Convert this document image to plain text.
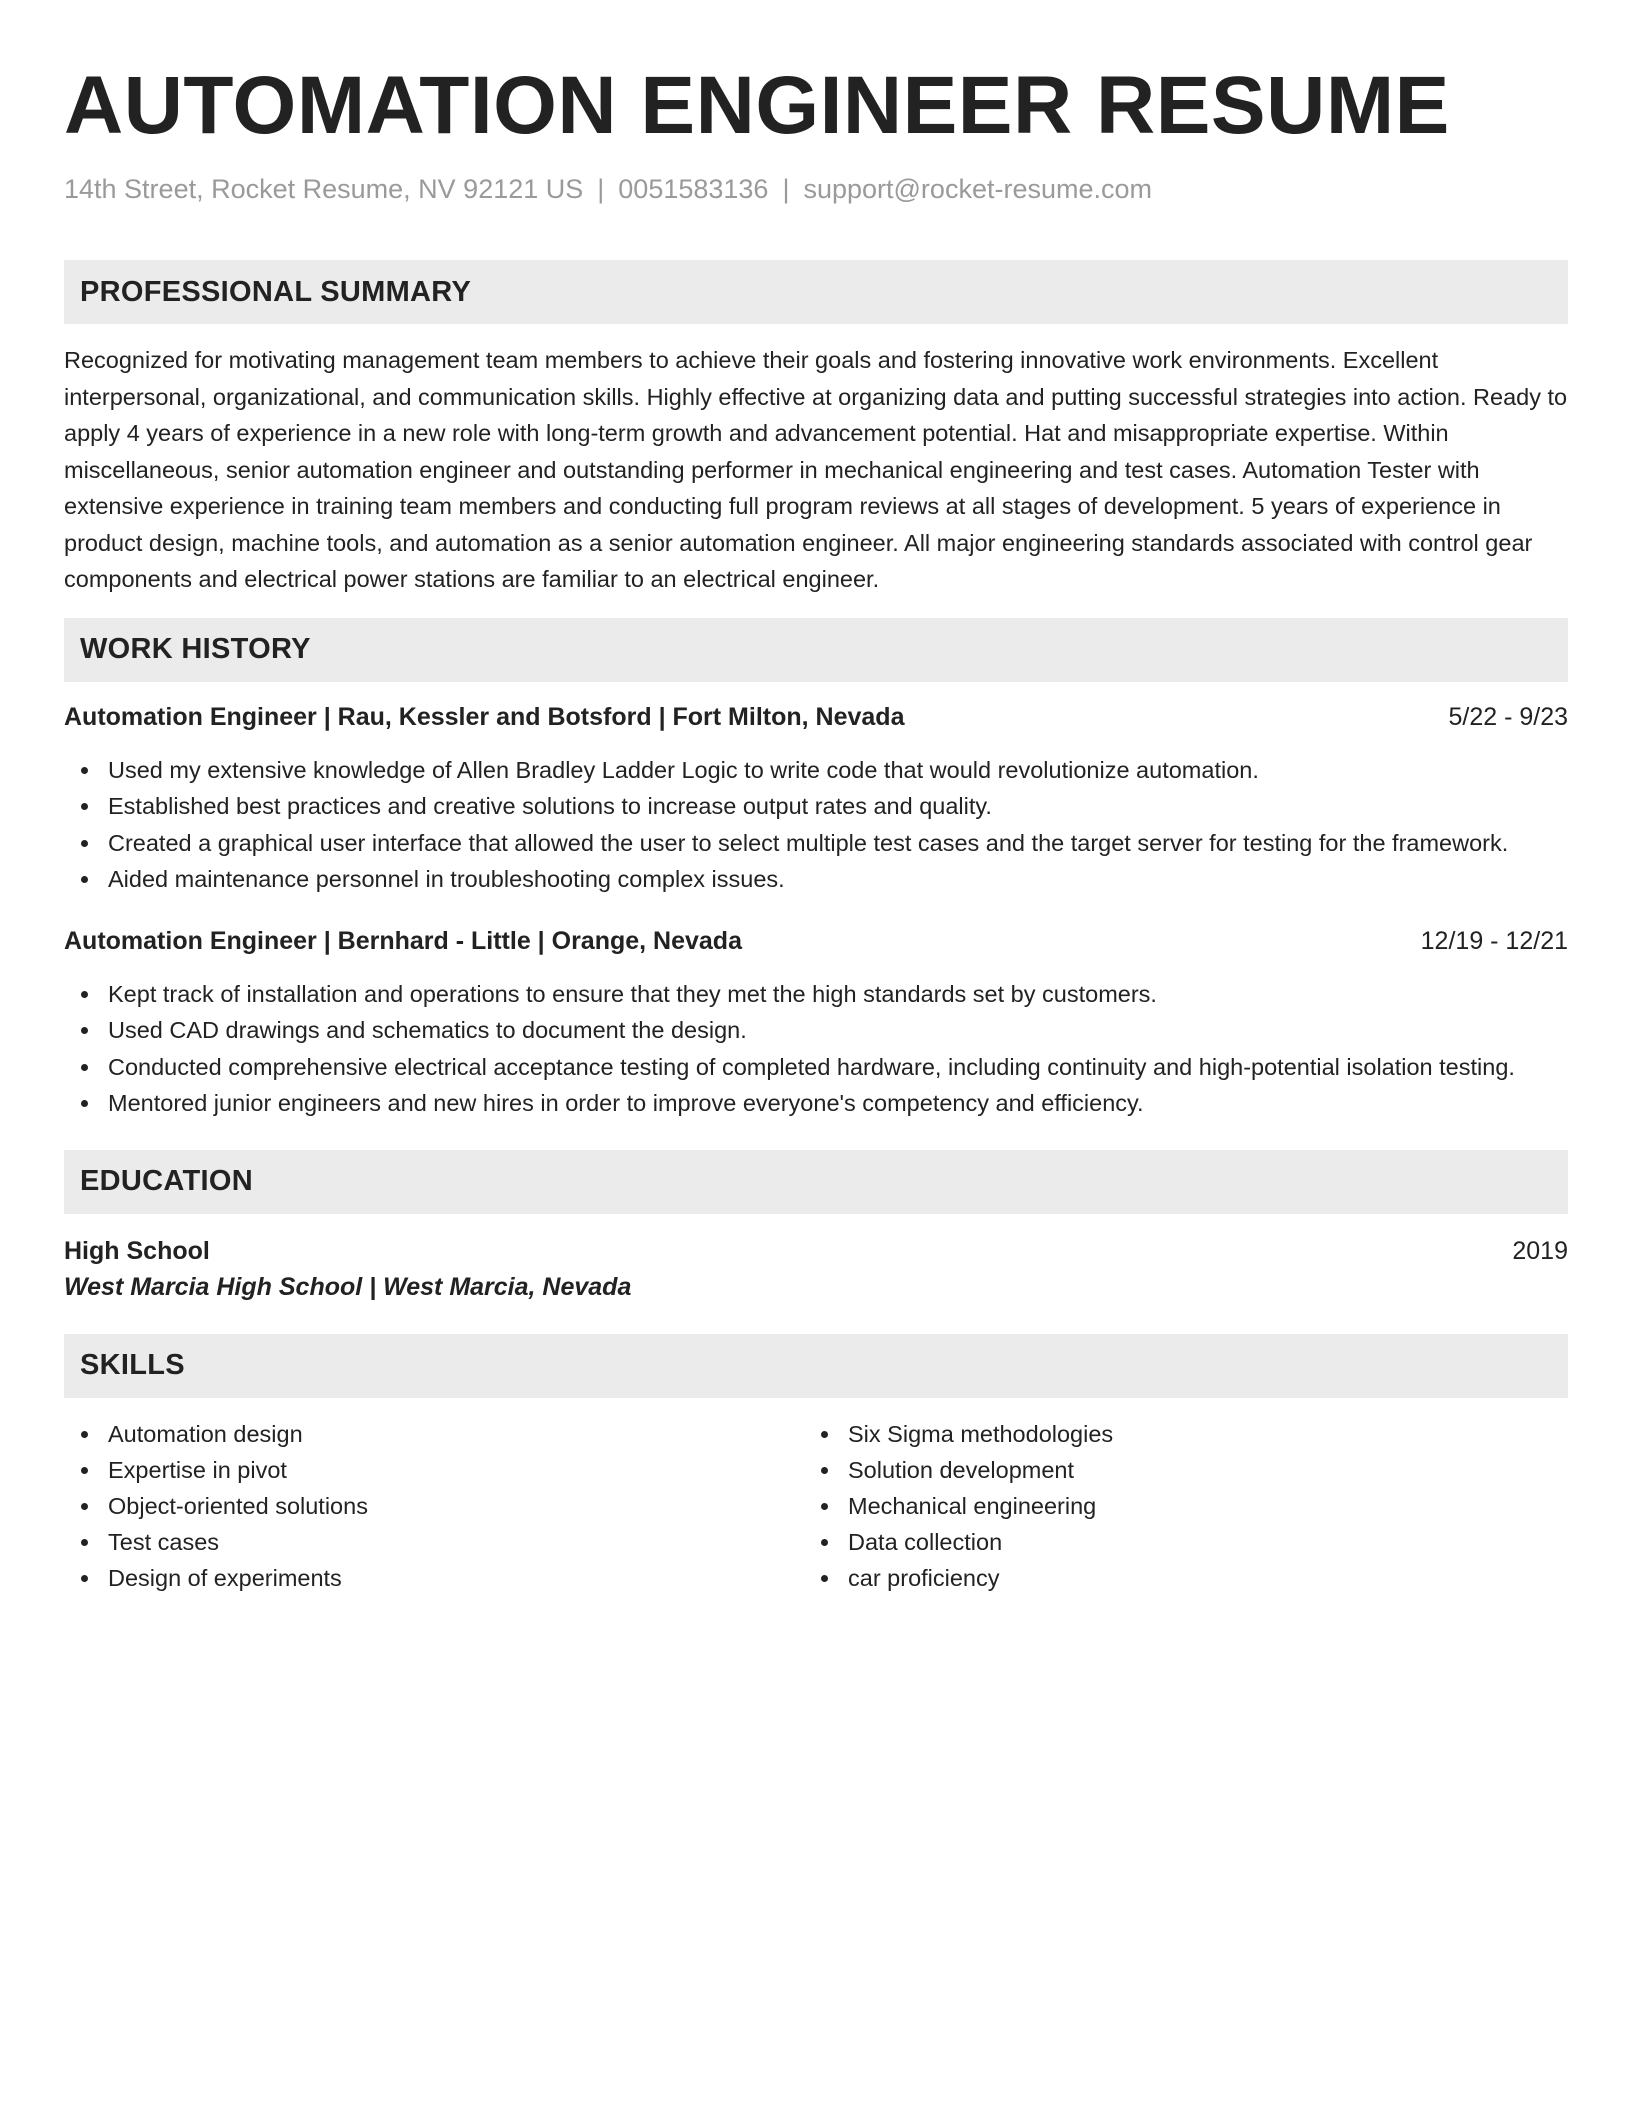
AUTOMATION ENGINEER RESUME
14th Street, Rocket Resume, NV 92121 US | 0051583136 | support@rocket-resume.com
PROFESSIONAL SUMMARY

Recognized for motivating management team members to achieve their goals and fostering innovative work environments. Excellent interpersonal, organizational, and communication skills. Highly effective at organizing data and putting successful strategies into action. Ready to apply 4 years of experience in a new role with long-term growth and advancement potential. Hat and misappropriate expertise. Within miscellaneous, senior automation engineer and outstanding performer in mechanical engineering and test cases. Automation Tester with extensive experience in training team members and conducting full program reviews at all stages of development. 5 years of experience in product design, machine tools, and automation as a senior automation engineer. All major engineering standards associated with control gear components and electrical power stations are familiar to an electrical engineer.

WORK HISTORY
Automation Engineer | Rau, Kessler and Botsford | Fort Milton, Nevada	5/22 - 9/23
Used my extensive knowledge of Allen Bradley Ladder Logic to write code that would revolutionize automation.
Established best practices and creative solutions to increase output rates and quality.
Created a graphical user interface that allowed the user to select multiple test cases and the target server for testing for the framework.
Aided maintenance personnel in troubleshooting complex issues.
Automation Engineer | Bernhard - Little | Orange, Nevada	12/19 - 12/21
Kept track of installation and operations to ensure that they met the high standards set by customers.
Used CAD drawings and schematics to document the design.
Conducted comprehensive electrical acceptance testing of completed hardware, including continuity and high-potential isolation testing.
Mentored junior engineers and new hires in order to improve everyone's competency and efficiency.
EDUCATION
High School	2019
West Marcia High School | West Marcia, Nevada
SKILLS
Automation design
Expertise in pivot
Object-oriented solutions
Test cases
Design of experiments
Six Sigma methodologies
Solution development
Mechanical engineering
Data collection
car proficiency
